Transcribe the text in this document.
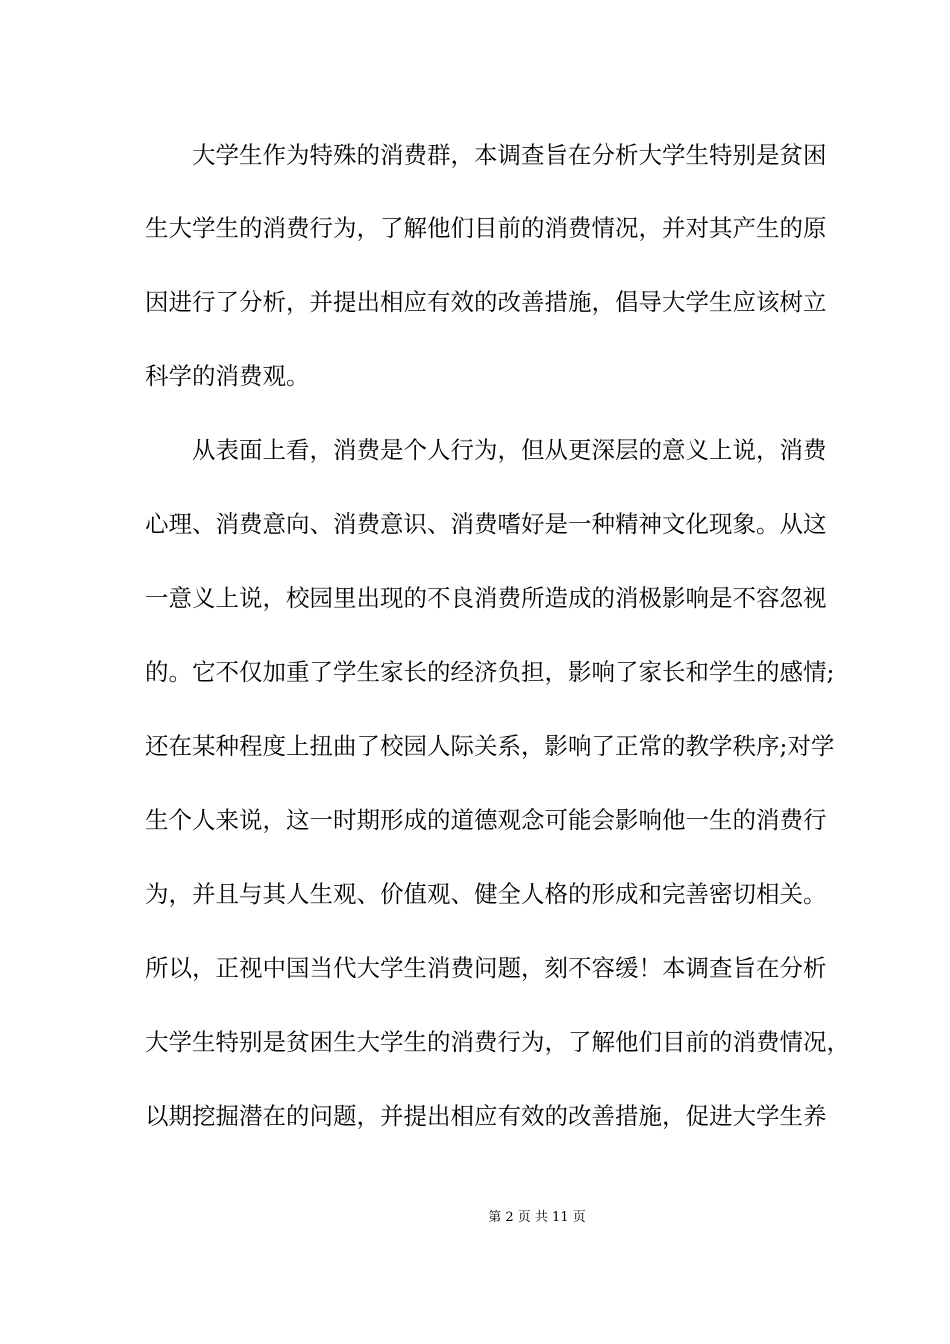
　　大学生作为特殊的消费群，本调查旨在分析大学生特别是贫困
生大学生的消费行为，了解他们目前的消费情况，并对其产生的原
因进行了分析，并提出相应有效的改善措施，倡导大学生应该树立
科学的消费观。
　　从表面上看，消费是个人行为，但从更深层的意义上说，消费
心理、消费意向、消费意识、消费嗜好是一种精神文化现象。从这
一意义上说，校园里出现的不良消费所造成的消极影响是不容忽视
的。它不仅加重了学生家长的经济负担，影响了家长和学生的感情;
还在某种程度上扭曲了校园人际关系，影响了正常的教学秩序;对学
生个人来说，这一时期形成的道德观念可能会影响他一生的消费行
为，并且与其人生观、价值观、健全人格的形成和完善密切相关。
所以，正视中国当代大学生消费问题，刻不容缓！本调查旨在分析
大学生特别是贫困生大学生的消费行为，了解他们目前的消费情况，
以期挖掘潜在的问题，并提出相应有效的改善措施，促进大学生养
第 2 页 共 11 页
